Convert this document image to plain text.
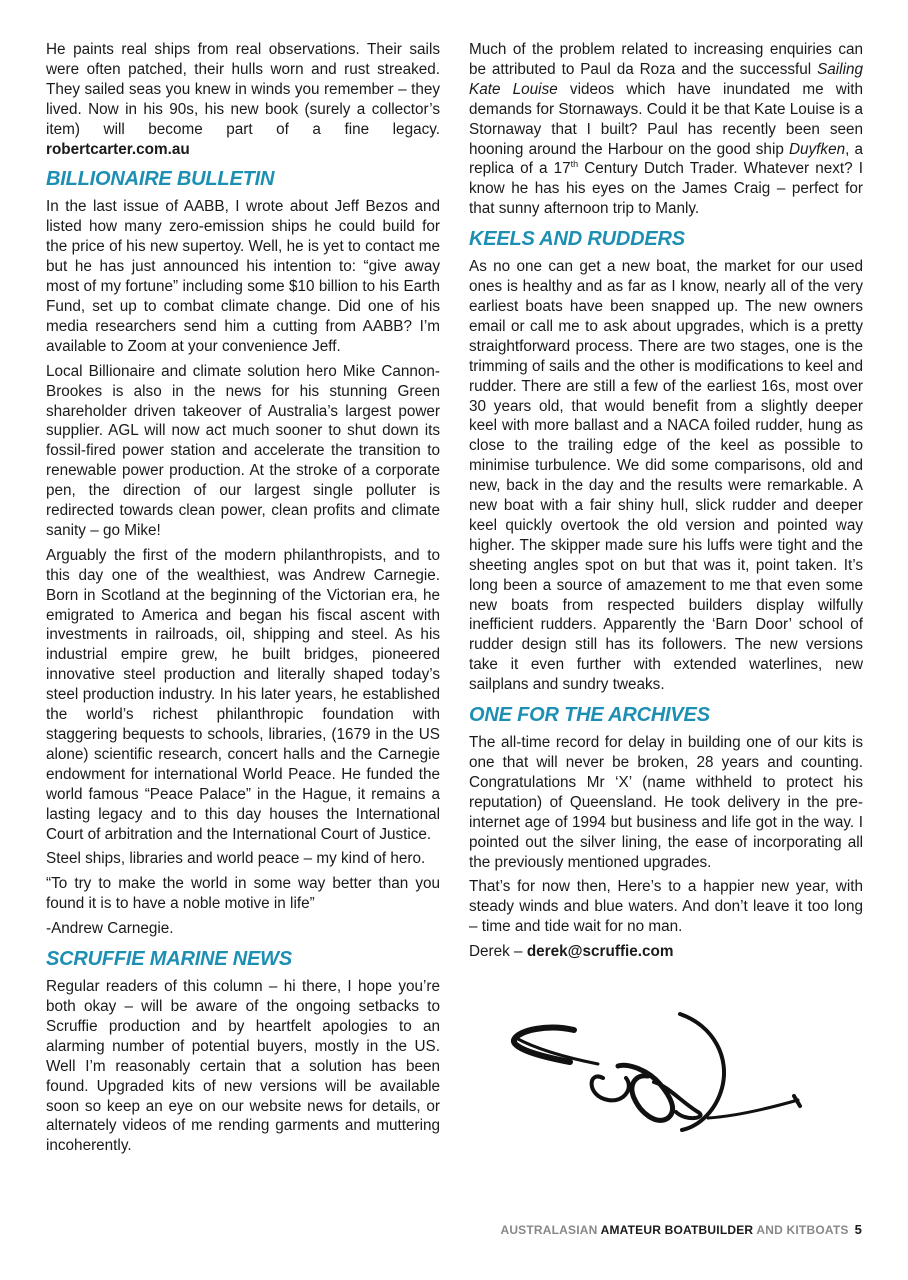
He paints real ships from real observations. Their sails were often patched, their hulls worn and rust streaked. They sailed seas you knew in winds you remember – they lived. Now in his 90s, his new book (surely a collector’s item) will become part of a fine legacy. robertcarter.com.au

BILLIONAIRE BULLETIN

In the last issue of AABB, I wrote about Jeff Bezos and listed how many zero-emission ships he could build for the price of his new supertoy. Well, he is yet to contact me but he has just announced his intention to: “give away most of my fortune” including some $10 billion to his Earth Fund, set up to combat climate change. Did one of his media researchers send him a cutting from AABB? I’m available to Zoom at your convenience Jeff.

Local Billionaire and climate solution hero Mike Cannon-Brookes is also in the news for his stunning Green shareholder driven takeover of Australia’s largest power supplier. AGL will now act much sooner to shut down its fossil-fired power station and accelerate the transition to renewable power production. At the stroke of a corporate pen, the direction of our largest single polluter is redirected towards clean power, clean profits and climate sanity – go Mike!

Arguably the first of the modern philanthropists, and to this day one of the wealthiest, was Andrew Carnegie. Born in Scotland at the beginning of the Victorian era, he emigrated to America and began his fiscal ascent with investments in railroads, oil, shipping and steel. As his industrial empire grew, he built bridges, pioneered innovative steel production and literally shaped today’s steel production industry. In his later years, he established the world’s richest philanthropic foundation with staggering bequests to schools, libraries, (1679 in the US alone) scientific research, concert halls and the Carnegie endowment for international World Peace. He funded the world famous “Peace Palace” in the Hague, it remains a lasting legacy and to this day houses the International Court of arbitration and the International Court of Justice.

Steel ships, libraries and world peace – my kind of hero.

“To try to make the world in some way better than you found it is to have a noble motive in life”

-Andrew Carnegie.

SCRUFFIE MARINE NEWS

Regular readers of this column – hi there, I hope you’re both okay – will be aware of the ongoing setbacks to Scruffie production and by heartfelt apologies to an alarming number of potential buyers, mostly in the US. Well I’m reasonably certain that a solution has been found. Upgraded kits of new versions will be available soon so keep an eye on our website news for details, or alternately videos of me rending garments and muttering incoherently.

Much of the problem related to increasing enquiries can be attributed to Paul da Roza and the successful Sailing Kate Louise videos which have inundated me with demands for Stornaways. Could it be that Kate Louise is a Stornaway that I built? Paul has recently been seen hooning around the Harbour on the good ship Duyfken, a replica of a 17th Century Dutch Trader. Whatever next? I know he has his eyes on the James Craig – perfect for that sunny afternoon trip to Manly.

KEELS AND RUDDERS

As no one can get a new boat, the market for our used ones is healthy and as far as I know, nearly all of the very earliest boats have been snapped up. The new owners email or call me to ask about upgrades, which is a pretty straightforward process. There are two stages, one is the trimming of sails and the other is modifications to keel and rudder. There are still a few of the earliest 16s, most over 30 years old, that would benefit from a slightly deeper keel with more ballast and a NACA foiled rudder, hung as close to the trailing edge of the keel as possible to minimise turbulence. We did some comparisons, old and new, back in the day and the results were remarkable. A new boat with a fair shiny hull, slick rudder and deeper keel quickly overtook the old version and pointed way higher. The skipper made sure his luffs were tight and the sheeting angles spot on but that was it, point taken. It’s long been a source of amazement to me that even some new boats from respected builders display wilfully inefficient rudders. Apparently the ‘Barn Door’ school of rudder design still has its followers. The new versions take it even further with extended waterlines, new sailplans and sundry tweaks.

ONE FOR THE ARCHIVES

The all-time record for delay in building one of our kits is one that will never be broken, 28 years and counting. Congratulations Mr ‘X’ (name withheld to protect his reputation) of Queensland. He took delivery in the pre-internet age of 1994 but business and life got in the way. I pointed out the silver lining, the ease of incorporating all the previously mentioned upgrades.

That’s for now then, Here’s to a happier new year, with steady winds and blue waters. And don’t leave it too long – time and tide wait for no man.

Derek – derek@scruffie.com

AUSTRALASIAN AMATEUR BOATBUILDER AND KITBOATS 5
